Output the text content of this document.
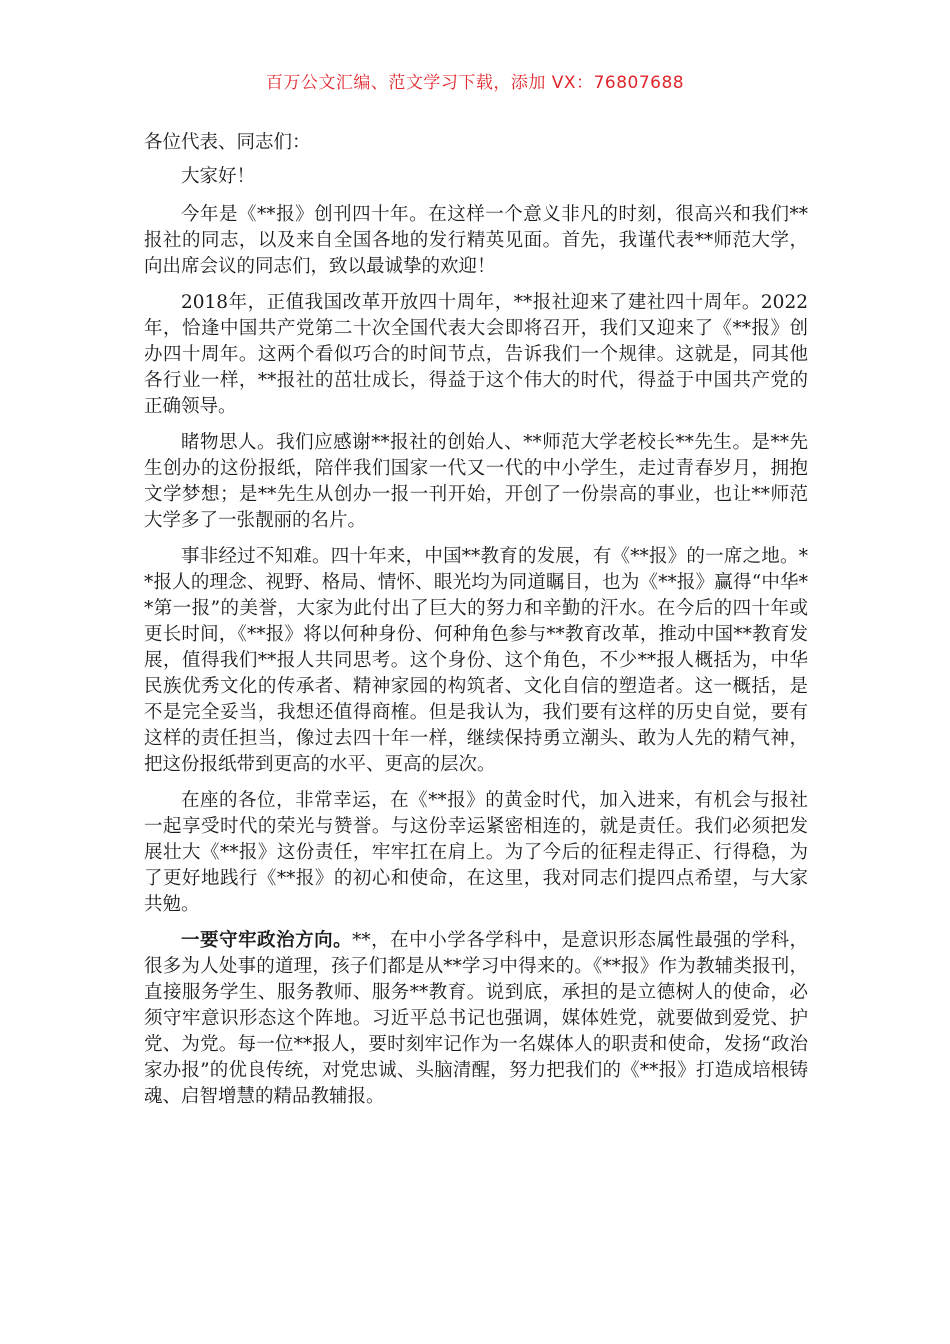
百万公文汇编、范文学习下载，添加 VX：76807688

各位代表、同志们：

大家好！

今年是《**报》创刊四十年。在这样一个意义非凡的时刻，很高兴和我们**报社的同志，以及来自全国各地的发行精英见面。首先，我谨代表**师范大学，向出席会议的同志们，致以最诚挚的欢迎！

2018年，正值我国改革开放四十周年，**报社迎来了建社四十周年。2022年，恰逢中国共产党第二十次全国代表大会即将召开，我们又迎来了《**报》创办四十周年。这两个看似巧合的时间节点，告诉我们一个规律。这就是，同其他各行业一样，**报社的茁壮成长，得益于这个伟大的时代，得益于中国共产党的正确领导。

睹物思人。我们应感谢**报社的创始人、**师范大学老校长**先生。是**先生创办的这份报纸，陪伴我们国家一代又一代的中小学生，走过青春岁月，拥抱文学梦想；是**先生从创办一报一刊开始，开创了一份崇高的事业，也让**师范大学多了一张靓丽的名片。

事非经过不知难。四十年来，中国**教育的发展，有《**报》的一席之地。**报人的理念、视野、格局、情怀、眼光均为同道瞩目，也为《**报》赢得“中华**第一报”的美誉，大家为此付出了巨大的努力和辛勤的汗水。在今后的四十年或更长时间，《**报》将以何种身份、何种角色参与**教育改革，推动中国**教育发展，值得我们**报人共同思考。这个身份、这个角色，不少**报人概括为，中华民族优秀文化的传承者、精神家园的构筑者、文化自信的塑造者。这一概括，是不是完全妥当，我想还值得商榷。但是我认为，我们要有这样的历史自觉，要有这样的责任担当，像过去四十年一样，继续保持勇立潮头、敢为人先的精气神，把这份报纸带到更高的水平、更高的层次。

在座的各位，非常幸运，在《**报》的黄金时代，加入进来，有机会与报社一起享受时代的荣光与赞誉。与这份幸运紧密相连的，就是责任。我们必须把发展壮大《**报》这份责任，牢牢扛在肩上。为了今后的征程走得正、行得稳，为了更好地践行《**报》的初心和使命，在这里，我对同志们提四点希望，与大家共勉。

一要守牢政治方向。**，在中小学各学科中，是意识形态属性最强的学科，很多为人处事的道理，孩子们都是从**学习中得来的。《**报》作为教辅类报刊，直接服务学生、服务教师、服务**教育。说到底，承担的是立德树人的使命，必须守牢意识形态这个阵地。习近平总书记也强调，媒体姓党，就要做到爱党、护党、为党。每一位**报人，要时刻牢记作为一名媒体人的职责和使命，发扬“政治家办报”的优良传统，对党忠诚、头脑清醒，努力把我们的《**报》打造成培根铸魂、启智增慧的精品教辅报。
